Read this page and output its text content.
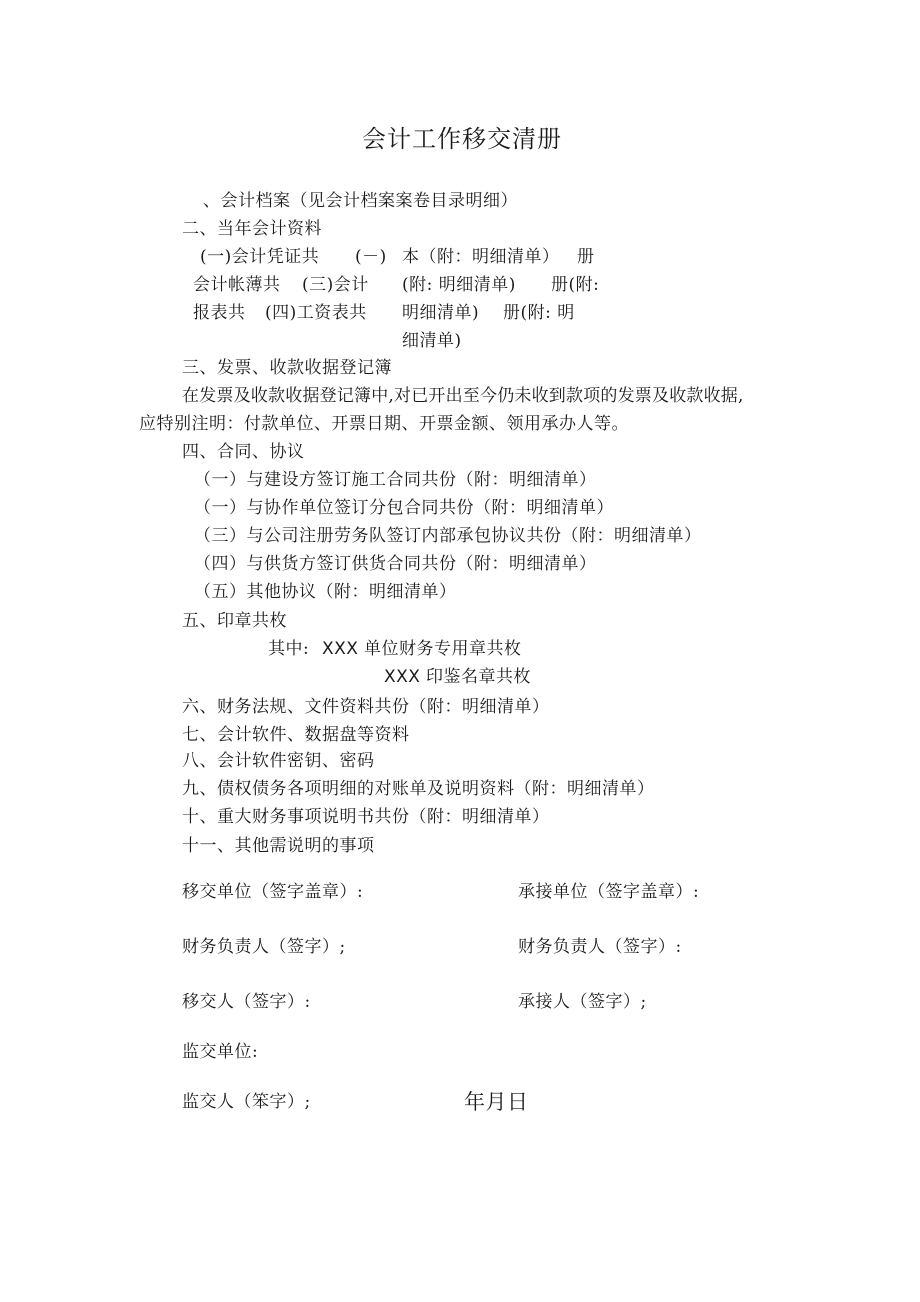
会计工作移交清册
、会计档案（见会计档案案卷目录明细）
二、当年会计资料
(一)会计凭证共 (－) 本（附：明细清单） 册
会计帐薄共 (三)会计 (附: 明细清单) 册(附:
报表共 (四)工资表共 明细清单) 册(附: 明
细清单)
三、发票、收款收据登记簿
在发票及收款收据登记簿中,对已开出至今仍未收到款项的发票及收款收据,
应特别注明：付款单位、开票日期、开票金额、领用承办人等。
四、合同、协议
（一）与建设方签订施工合同共份（附：明细清单）
（一）与协作单位签订分包合同共份（附：明细清单）
（三）与公司注册劳务队签订内部承包协议共份（附：明细清单）
（四）与供货方签订供货合同共份（附：明细清单）
（五）其他协议（附：明细清单）
五、印章共枚
其中: XXX 单位财务专用章共枚
XXX 印鉴名章共枚
六、财务法规、文件资料共份（附：明细清单）
七、会计软件、数据盘等资料
八、会计软件密钥、密码
九、债权债务各项明细的对账单及说明资料（附：明细清单）
十、重大财务事项说明书共份（附：明细清单）
十一、其他需说明的事项
移交单位（签字盖章）:	承接单位（签字盖章）:
财务负责人（签字）;	财务负责人（签字）:
移交人（签字）:	承接人（签字）;
监交单位:
监交人（笨字）;	年月日
